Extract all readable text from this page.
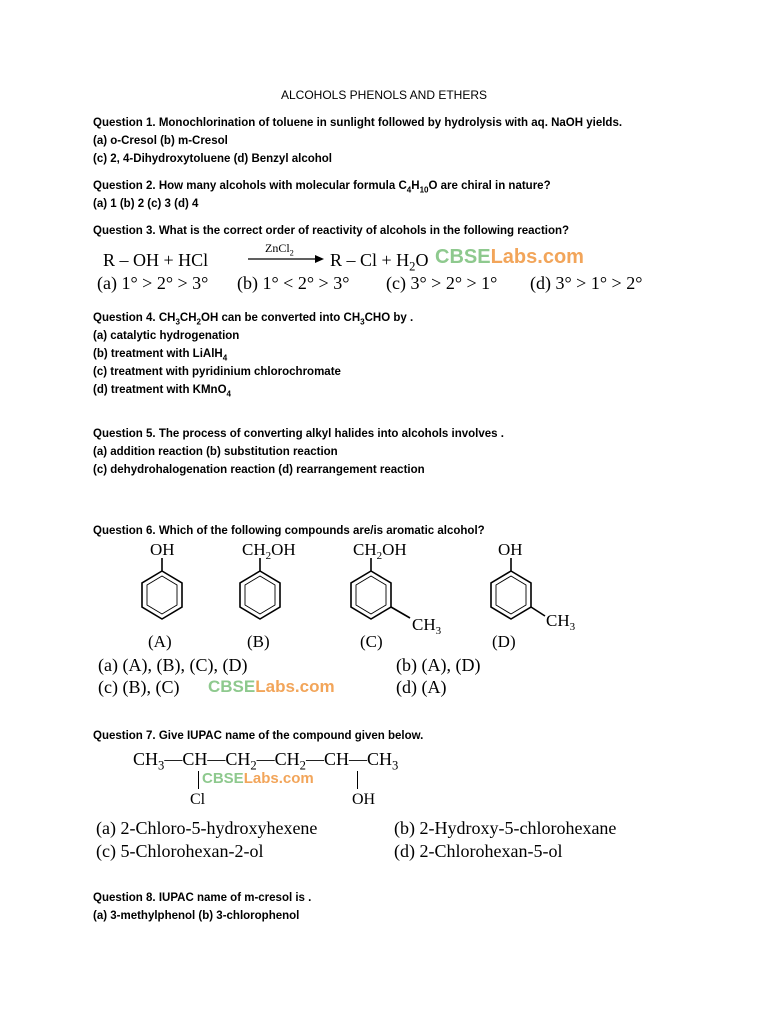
ALCOHOLS PHENOLS AND ETHERS
Question 1. Monochlorination of toluene in sunlight followed by hydrolysis with aq. NaOH yields.
(a) o-Cresol (b) m-Cresol
(c) 2, 4-Dihydroxytoluene (d) Benzyl alcohol
Question 2. How many alcohols with molecular formula $C_4H_{10}O$ are chiral in nature?
(a) 1 (b) 2 (c) 3 (d) 4
Question 3. What is the correct order of reactivity of alcohols in the following reaction?
ZnCl$_2$
R – OH + HCl	$R - Cl + H_2O$ CBSELabs.com
(a) 1° > 2° > 3° (b) 1° < 2° > 3° (c) 3° > 2° > 1° (d) 3° > 1° > 2°
Question 4. $CH_3CH_2OH$ can be converted into $CH_3CHO$ by .
(a) catalytic hydrogenation
(b) treatment with LiAlH$_4$
(c) treatment with pyridinium chlorochromate
(d) treatment with KMnO$_4$
Question 5. The process of converting alkyl halides into alcohols involves .
(a) addition reaction (b) substitution reaction
(c) dehydrohalogenation reaction (d) rearrangement reaction
Question 6. Which of the following compounds are/is aromatic alcohol?
OH	$CH_2OH$	$CH_2OH$	OH
$CH_3$
$CH_3$
(A)	(B)	(C)	(D)
(a) (A), (B), (C), (D)	(b) (A), (D)
(c) (B), (C) CBSELabs.com	(d) (A)
Question 7. Give IUPAC name of the compound given below.
$CH_3—CH—CH_2—CH_2—CH—CH_3$
CBSELabs.com
Cl	OH
(a) 2-Chloro-5-hydroxyhexene	(b) 2-Hydroxy-5-chlorohexane
(c) 5-Chlorohexan-2-ol	(d) 2-Chlorohexan-5-ol
Question 8. IUPAC name of m-cresol is .
(a) 3-methylphenol (b) 3-chlorophenol
